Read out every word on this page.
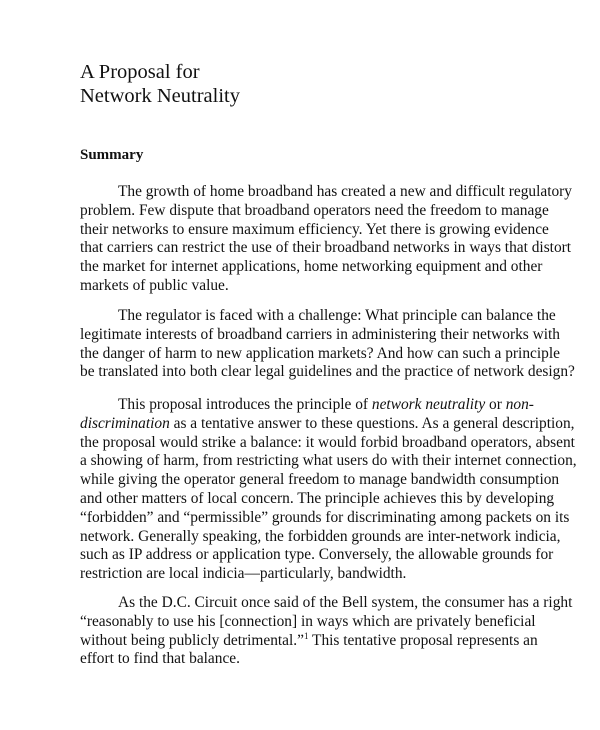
A Proposal for
Network Neutrality
Summary

The growth of home broadband has created a new and difficult regulatory
problem. Few dispute that broadband operators need the freedom to manage
their networks to ensure maximum efficiency. Yet there is growing evidence
that carriers can restrict the use of their broadband networks in ways that distort
the market for internet applications, home networking equipment and other
markets of public value.

The regulator is faced with a challenge: What principle can balance the
legitimate interests of broadband carriers in administering their networks with
the danger of harm to new application markets? And how can such a principle
be translated into both clear legal guidelines and the practice of network design?

This proposal introduces the principle of network neutrality or non-
discrimination as a tentative answer to these questions. As a general description,
the proposal would strike a balance: it would forbid broadband operators, absent
a showing of harm, from restricting what users do with their internet connection,
while giving the operator general freedom to manage bandwidth consumption
and other matters of local concern. The principle achieves this by developing
“forbidden” and “permissible” grounds for discriminating among packets on its
network. Generally speaking, the forbidden grounds are inter-network indicia,
such as IP address or application type. Conversely, the allowable grounds for
restriction are local indicia—particularly, bandwidth.

As the D.C. Circuit once said of the Bell system, the consumer has a right
“reasonably to use his [connection] in ways which are privately beneficial
without being publicly detrimental.”$^1$ This tentative proposal represents an
effort to find that balance.
